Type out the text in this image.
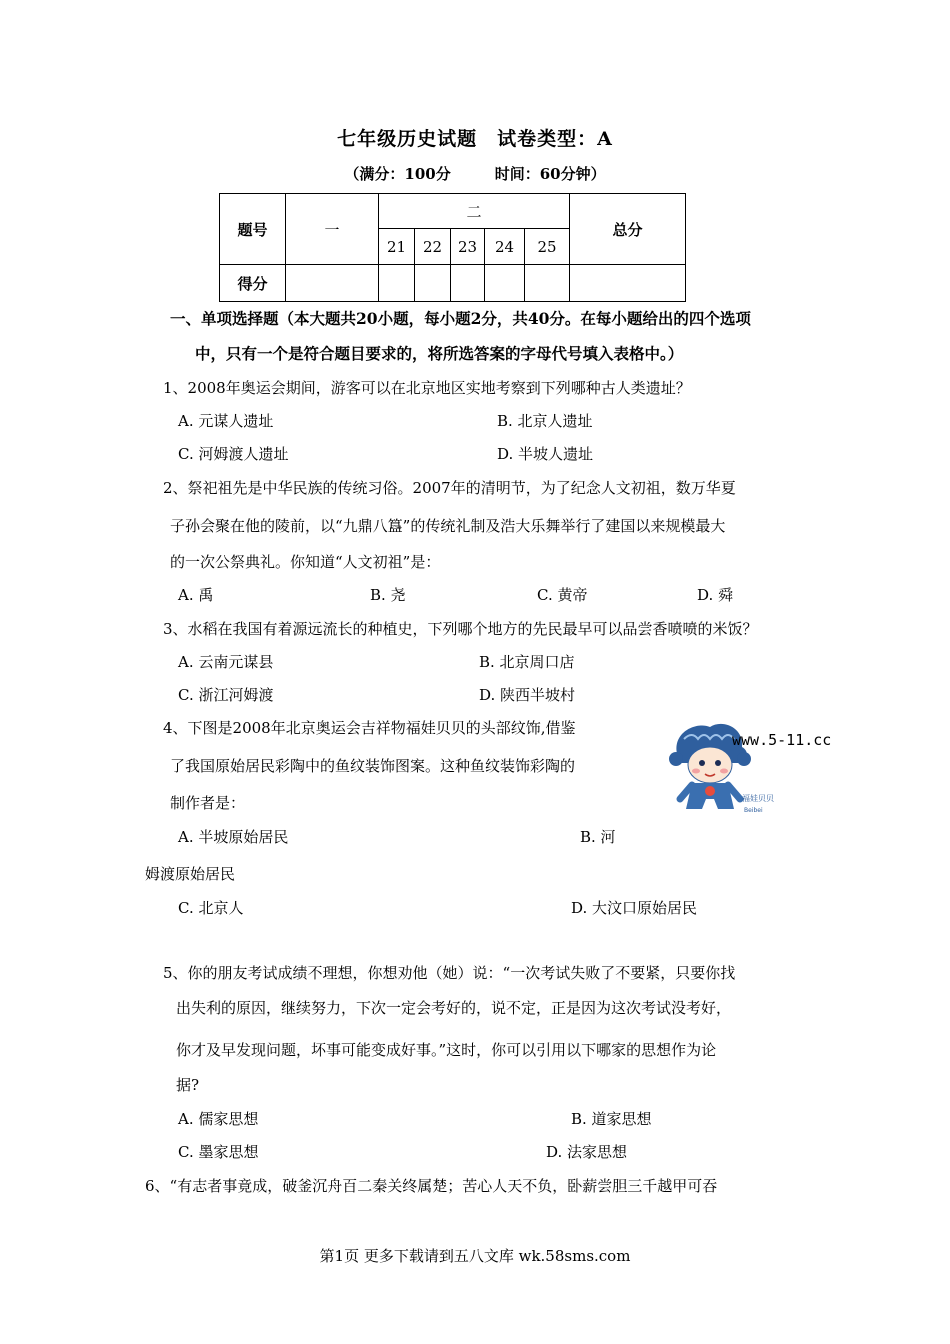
七年级历史试题　试卷类型：A
（满分：100分	时间：60分钟）
题号	一	二					总分
		21	22	23	24	25	
得分							
一、单项选择题（本大题共20小题，每小题2分，共40分。在每小题给出的四个选项
中，只有一个是符合题目要求的，将所选答案的字母代号填入表格中。）
1、2008年奥运会期间，游客可以在北京地区实地考察到下列哪种古人类遗址？
A. 元谋人遗址	B. 北京人遗址
C. 河姆渡人遗址	D. 半坡人遗址
2、祭祀祖先是中华民族的传统习俗。2007年的清明节，为了纪念人文初祖，数万华夏
子孙会聚在他的陵前，以“九鼎八簋”的传统礼制及浩大乐舞举行了建国以来规模最大
的一次公祭典礼。你知道“人文初祖”是：
A. 禹	B. 尧	C. 黄帝	D. 舜
3、水稻在我国有着源远流长的种植史，下列哪个地方的先民最早可以品尝香喷喷的米饭？
A. 云南元谋县	B. 北京周口店
C. 浙江河姆渡	D. 陕西半坡村
4、下图是2008年北京奥运会吉祥物福娃贝贝的头部纹饰,借鉴
了我国原始居民彩陶中的鱼纹装饰图案。这种鱼纹装饰彩陶的
制作者是：
www.5-11.cc
福娃贝贝
Beibei
A. 半坡原始居民	B. 河
姆渡原始居民
C. 北京人	D. 大汶口原始居民
5、你的朋友考试成绩不理想，你想劝他（她）说：“一次考试失败了不要紧，只要你找
出失利的原因，继续努力，下次一定会考好的，说不定，正是因为这次考试没考好，
你才及早发现问题，坏事可能变成好事。”这时，你可以引用以下哪家的思想作为论
据?
A. 儒家思想	B. 道家思想
C. 墨家思想	D. 法家思想
6、“有志者事竟成，破釜沉舟百二秦关终属楚；苦心人天不负，卧薪尝胆三千越甲可吞
第1页 更多下载请到五八文库 wk.58sms.com
